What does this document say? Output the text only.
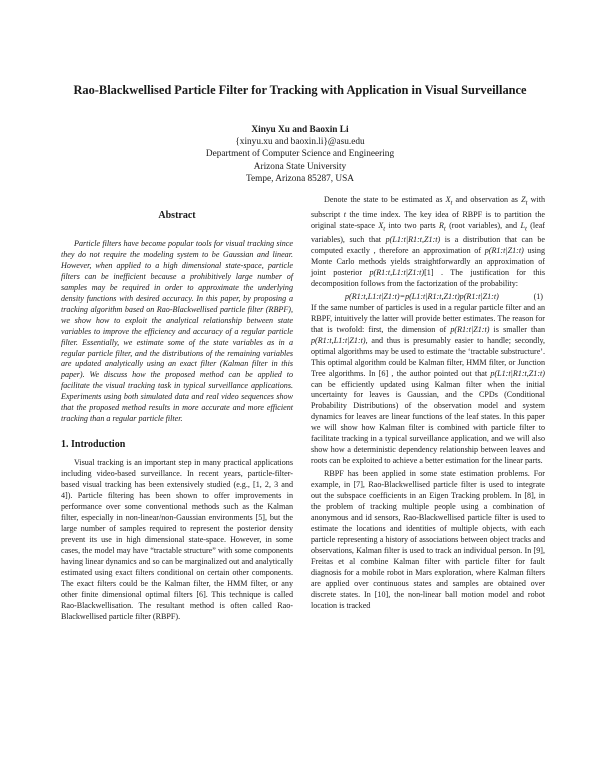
Rao-Blackwellised Particle Filter for Tracking with Application in Visual Surveillance
Xinyu Xu and Baoxin Li
{xinyu.xu and baoxin.li}@asu.edu
Department of Computer Science and Engineering
Arizona State University
Tempe, Arizona 85287, USA
Abstract

Particle filters have become popular tools for visual tracking since they do not require the modeling system to be Gaussian and linear. However, when applied to a high dimensional state-space, particle filters can be inefficient because a prohibitively large number of samples may be required in order to approximate the underlying density functions with desired accuracy. In this paper, by proposing a tracking algorithm based on Rao-Blackwellised particle filter (RBPF), we show how to exploit the analytical relationship between state variables to improve the efficiency and accuracy of a regular particle filter. Essentially, we estimate some of the state variables as in a regular particle filter, and the distributions of the remaining variables are updated analytically using an exact filter (Kalman filter in this paper). We discuss how the proposed method can be applied to facilitate the visual tracking task in typical surveillance applications. Experiments using both simulated data and real video sequences show that the proposed method results in more accurate and more efficient tracking than a regular particle filter.

1. Introduction

Visual tracking is an important step in many practical applications including video-based surveillance. In recent years, particle-filter-based visual tracking has been extensively studied (e.g., [1, 2, 3 and 4]). Particle filtering has been shown to offer improvements in performance over some conventional methods such as the Kalman filter, especially in non-linear/non-Gaussian environments [5], but the large number of samples required to represent the posterior density prevent its use in high dimensional state-space. However, in some cases, the model may have “tractable structure” with some components having linear dynamics and so can be marginalized out and analytically estimated using exact filters conditional on certain other components. The exact filters could be the Kalman filter, the HMM filter, or any other finite dimensional optimal filters [6]. This technique is called Rao-Blackwellisation. The resultant method is often called Rao-Blackwellised particle filter (RBPF).

Denote the state to be estimated as $X_t$ and observation as $Z_t$ with subscript t the time index. The key idea of RBPF is to partition the original state-space $X_t$ into two parts $R_t$ (root variables), and $L_t$ (leaf variables), such that p(L1:t|R1:t,Z1:t) is a distribution that can be computed exactly , therefore an approximation of p(R1:t|Z1:t) using Monte Carlo methods yields straightforwardly an approximation of joint posterior p(R1:t,L1:t|Z1:t)[1] . The justification for this decomposition follows from the factorization of the probability:

p(R1:t,L1:t|Z1:t)=p(L1:t|R1:t,Z1:t)p(R1:t|Z1:t)	(1)

If the same number of particles is used in a regular particle filter and an RBPF, intuitively the latter will provide better estimates. The reason for that is twofold: first, the dimension of p(R1:t|Z1:t) is smaller than p(R1:t,L1:t|Z1:t), and thus is presumably easier to handle; secondly, optimal algorithms may be used to estimate the ‘tractable substructure’. This optimal algorithm could be Kalman filter, HMM filter, or Junction Tree algorithms. In [6] , the author pointed out that p(L1:t|R1:t,Z1:t) can be efficiently updated using Kalman filter when the initial uncertainty for leaves is Gaussian, and the CPDs (Conditional Probability Distributions) of the observation model and system dynamics for leaves are linear functions of the leaf states. In this paper we will show how Kalman filter is combined with particle filter to facilitate tracking in a typical surveillance application, and we will also show how a deterministic dependency relationship between leaves and roots can be exploited to achieve a better estimation for the linear parts.

RBPF has been applied in some state estimation problems. For example, in [7], Rao-Blackwellised particle filter is used to integrate out the subspace coefficients in an Eigen Tracking problem. In [8], in the problem of tracking multiple people using a combination of anonymous and id sensors, Rao-Blackwellised particle filter is used to estimate the locations and identities of multiple objects, with each particle representing a history of associations between object tracks and observations, Kalman filter is used to track an individual person. In [9], Freitas et al combine Kalman filter with particle filter for fault diagnosis for a mobile robot in Mars exploration, where Kalman filters are applied over continuous states and samples are obtained over discrete states. In [10], the non-linear ball motion model and robot location is tracked
